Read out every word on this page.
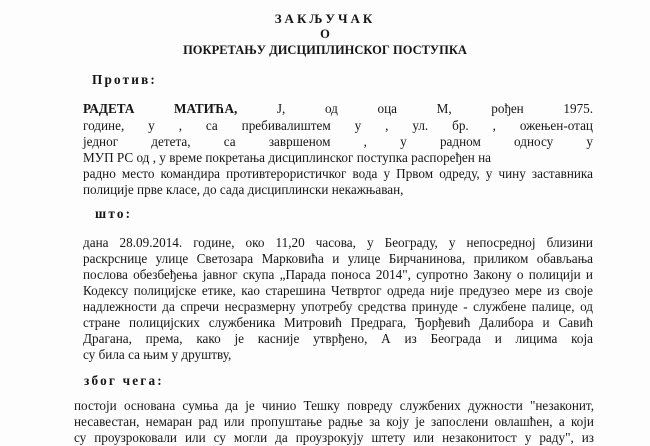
ЗАКЉУЧАК
О
ПОКРЕТАЊУ ДИСЦИПЛИНСКОГ ПОСТУПКА
Против:
РАДЕТА МАТИЋА,	Ј, од оца	М, рођен	1975.
године, у , са пребивалиштем у , ул. бр. , ожењен-отац
једног детета, са завршеном	, у радном односу у
МУП РС од , у време покретања дисциплинског поступка распоређен на
радно место командира противтерористичког вода у Првом одреду, у чину заставника
полиције прве класе, до сада дисциплински некажњаван,
што:
дана 28.09.2014. године, око 11,20 часова, у Београду, у непосредној близини
раскрснице улице Светозара Марковића и улице Бирчанинова, приликом обављања
послова обезбеђења јавног скупа „Парада поноса 2014", супротно Закону о полицији и
Кодексу полицијске етике, као старешина Четвртог одреда није предузео мере из своје
надлежности да спречи несразмерну употребу средства принуде - службене палице, од
стране полицијских службеника Митровић Предрага, Ђорђевић Далибора и Савић
Драгана, према, како је касније утврђено, А из Београда и лицима која
су била са њим у друштву,
због чега:
постоји основана сумња да је чинио Тешку повреду службених дужности "незаконит,
несавестан, немаран рад или пропуштање радње за коју је запослени овлашћен, а који
су проузроковали или су могли да проузрокују штету или незаконитост у раду", из
